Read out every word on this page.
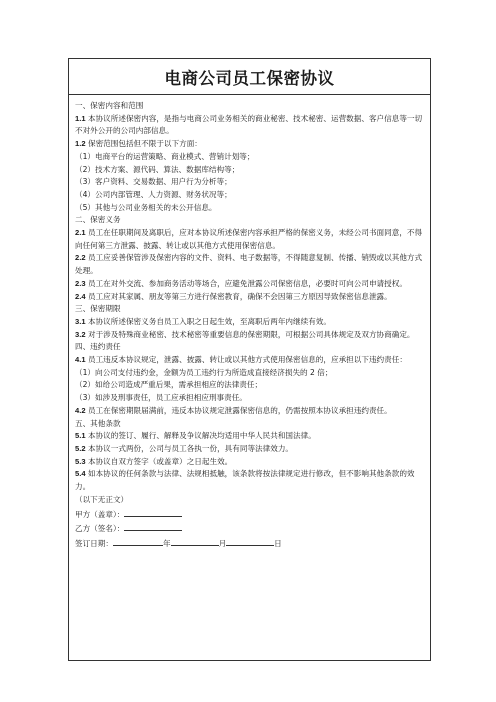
电商公司员工保密协议
一、保密内容和范围
1.1 本协议所述保密内容，是指与电商公司业务相关的商业秘密、技术秘密、运营数据、客户信息等一切不对外公开的公司内部信息。
1.2 保密范围包括但不限于以下方面：
（1）电商平台的运营策略、商业模式、营销计划等；
（2）技术方案、源代码、算法、数据库结构等；
（3）客户资料、交易数据、用户行为分析等；
（4）公司内部管理、人力资源、财务状况等；
（5）其他与公司业务相关的未公开信息。
二、保密义务
2.1 员工在任职期间及离职后，应对本协议所述保密内容承担严格的保密义务，未经公司书面同意，不得向任何第三方泄露、披露、转让或以其他方式使用保密信息。
2.2 员工应妥善保管涉及保密内容的文件、资料、电子数据等，不得随意复制、传播、销毁或以其他方式处理。
2.3 员工在对外交流、参加商务活动等场合，应避免泄露公司保密信息，必要时可向公司申请授权。
2.4 员工应对其家属、朋友等第三方进行保密教育，确保不会因第三方原因导致保密信息泄露。
三、保密期限
3.1 本协议所述保密义务自员工入职之日起生效，至离职后两年内继续有效。
3.2 对于涉及特殊商业秘密、技术秘密等重要信息的保密期限，可根据公司具体规定及双方协商确定。
四、违约责任
4.1 员工违反本协议规定，泄露、披露、转让或以其他方式使用保密信息的，应承担以下违约责任：
（1）向公司支付违约金，金额为员工违约行为所造成直接经济损失的 2 倍；
（2）如给公司造成严重后果，需承担相应的法律责任；
（3）如涉及刑事责任，员工应承担相应刑事责任。
4.2 员工在保密期限届满前，违反本协议规定泄露保密信息的，仍需按照本协议承担违约责任。
五、其他条款
5.1 本协议的签订、履行、解释及争议解决均适用中华人民共和国法律。
5.2 本协议一式两份，公司与员工各执一份，具有同等法律效力。
5.3 本协议自双方签字（或盖章）之日起生效。
5.4 如本协议的任何条款与法律、法规相抵触，该条款将按法律规定进行修改，但不影响其他条款的效力。
（以下无正文）
甲方（盖章）：
乙方（签名）：
签订日期：	年	月	日
